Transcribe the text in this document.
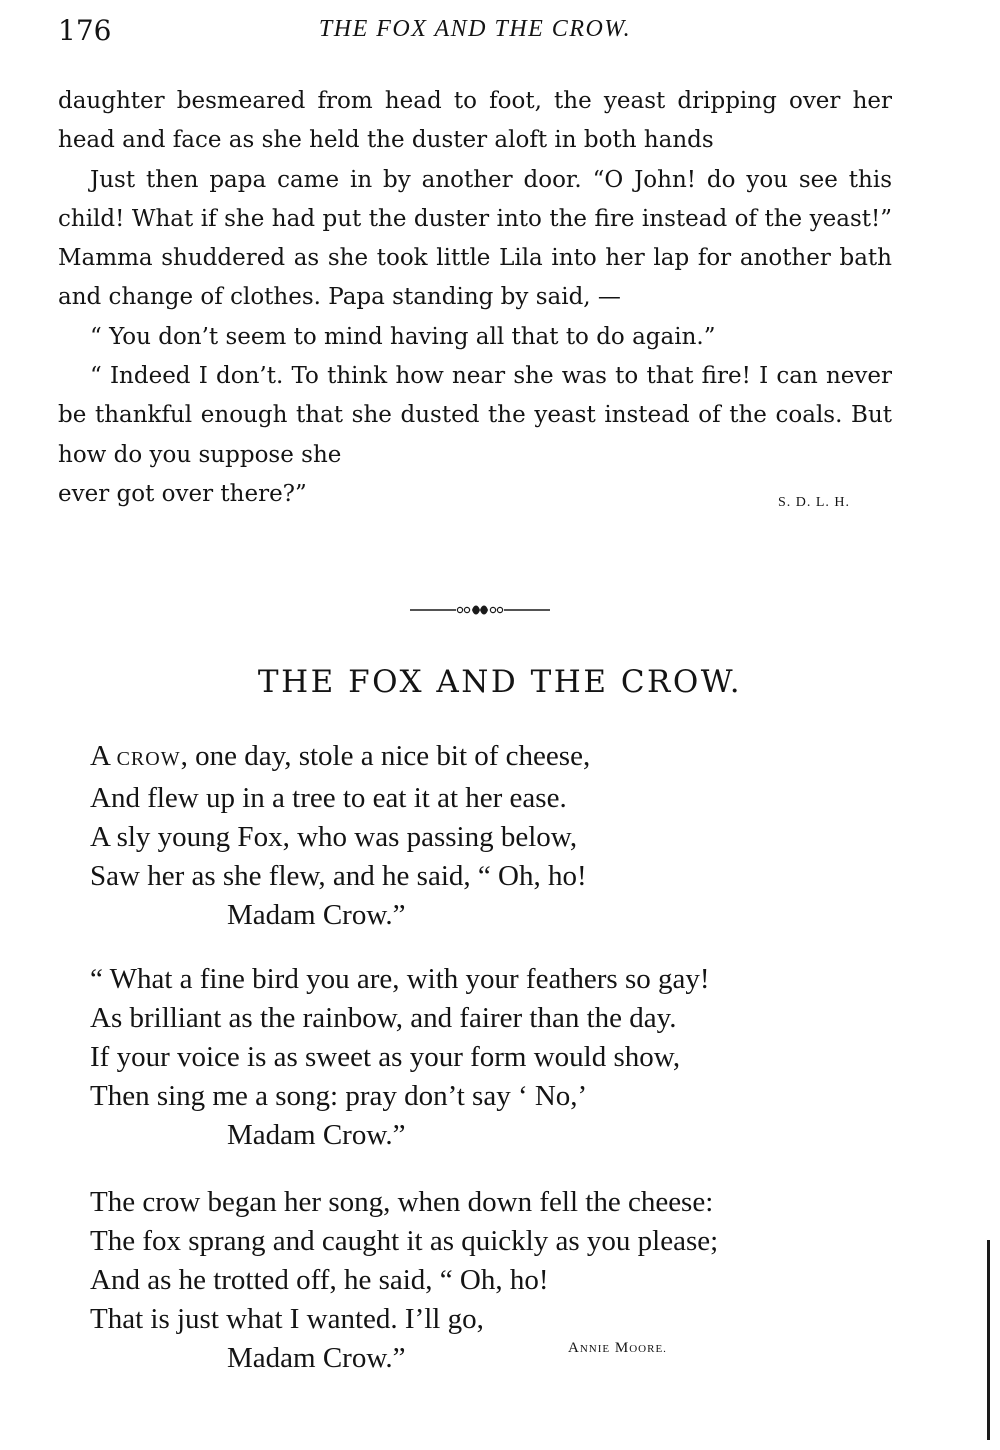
176	THE FOX AND THE CROW.

daughter besmeared from head to foot, the yeast dripping over her head and face as she held the duster aloft in both hands

Just then papa came in by another door. “O John! do you see this child! What if she had put the duster into the fire instead of the yeast!” Mamma shuddered as she took little Lila into her lap for another bath and change of clothes. Papa standing by said, —

“ You don’t seem to mind having all that to do again.”

“ Indeed I don’t. To think how near she was to that fire! I can never be thankful enough that she dusted the yeast instead of the coals. But how do you suppose she

ever got over there?”	S. D. L. H.

THE FOX AND THE CROW.
A CROW, one day, stole a nice bit of cheese,
And flew up in a tree to eat it at her ease.
A sly young Fox, who was passing below,
Saw her as she flew, and he said, “ Oh, ho!
Madam Crow.”
“ What a fine bird you are, with your feathers so gay!
As brilliant as the rainbow, and fairer than the day.
If your voice is as sweet as your form would show,
Then sing me a song: pray don’t say ‘ No,’
Madam Crow.”
The crow began her song, when down fell the cheese:
The fox sprang and caught it as quickly as you please;
And as he trotted off, he said, “ Oh, ho!
That is just what I wanted. I’ll go,
Madam Crow.”	ANNIE MOORE.
